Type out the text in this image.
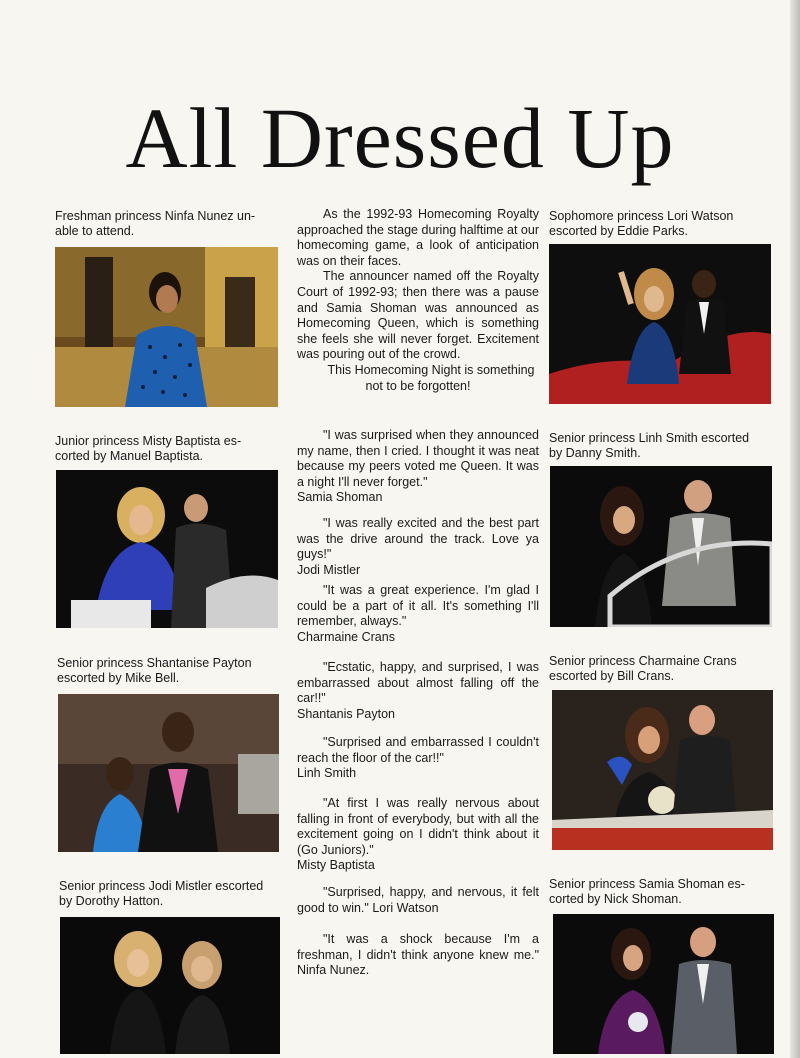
All Dressed Up
Freshman princess Ninfa Nunez un-
able to attend.
Junior princess Misty Baptista es-
corted by Manuel Baptista.
Senior princess Shantanise Payton
escorted by Mike Bell.
Senior princess Jodi Mistler escorted
by Dorothy Hatton.

As the 1992-93 Homecoming Royalty approached the stage during halftime at our homecoming game, a look of anticipation was on their faces.

The announcer named off the Royalty Court of 1992-93; then there was a pause and Samia Shoman was announced as Homecoming Queen, which is something she feels she will never forget. Excitement was pouring out of the crowd.

This Homecoming Night is something not to be forgotten!

"I was surprised when they announced my name, then I cried. I thought it was neat because my peers voted me Queen. It was a night I'll never forget."
Samia Shoman
"I was really excited and the best part was the drive around the track. Love ya guys!"
Jodi Mistler
"It was a great experience. I'm glad I could be a part of it all. It's something I'll remember, always."
Charmaine Crans
"Ecstatic, happy, and surprised, I was embarrassed about almost falling off the car!!"
Shantanis Payton
"Surprised and embarrassed I couldn't reach the floor of the car!!"
Linh Smith
"At first I was really nervous about falling in front of everybody, but with all the excitement going on I didn't think about it (Go Juniors)."
Misty Baptista
"Surprised, happy, and nervous, it felt good to win." Lori Watson
"It was a shock because I'm a freshman, I didn't think anyone knew me." Ninfa Nunez.
Sophomore princess Lori Watson
escorted by Eddie Parks.
Senior princess Linh Smith escorted
by Danny Smith.
Senior princess Charmaine Crans
escorted by Bill Crans.
Senior princess Samia Shoman es-
corted by Nick Shoman.
